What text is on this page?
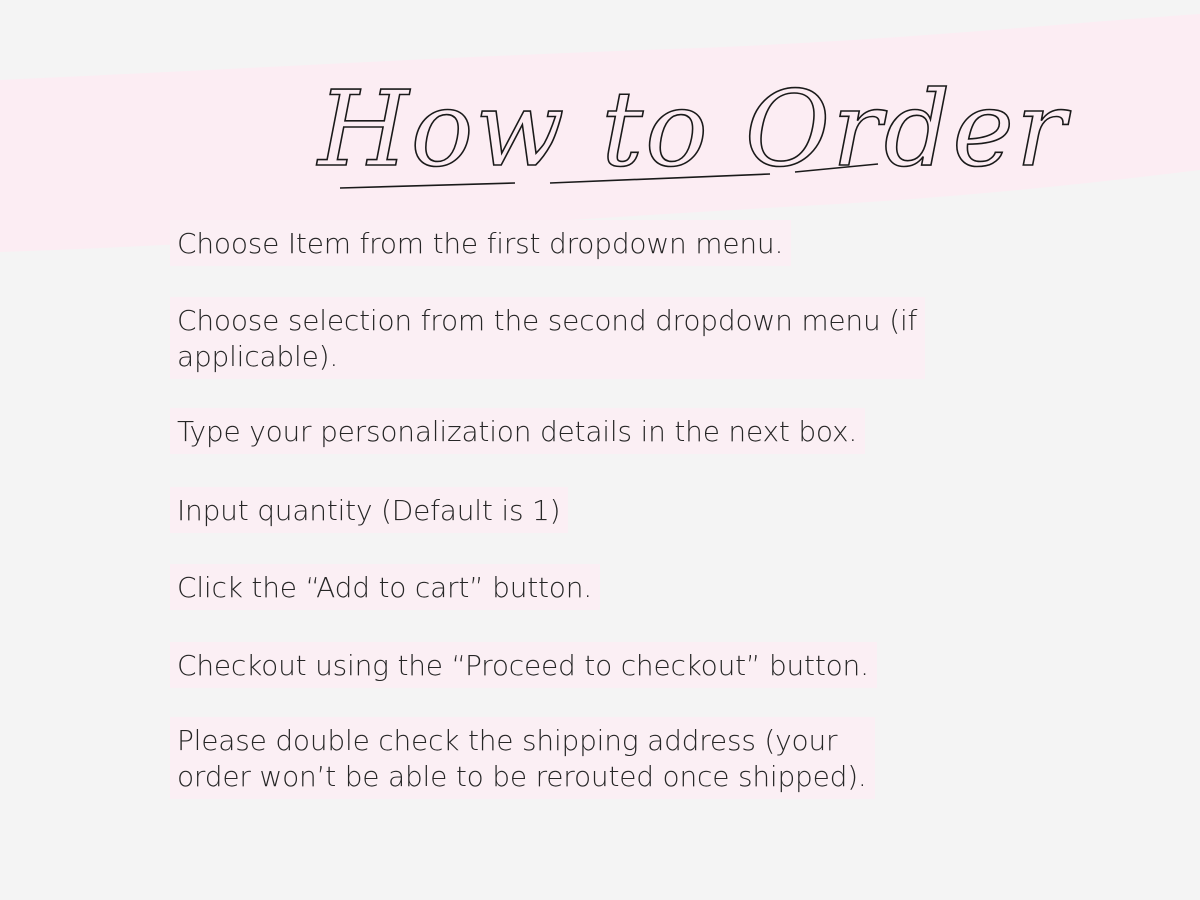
How to Order
Choose Item from the first dropdown menu.
Choose selection from the second dropdown menu (if
applicable).
Type your personalization details in the next box.
Input quantity (Default is 1)
Click the “Add to cart” button.
Checkout using the “Proceed to checkout” button.
Please double check the shipping address (your
order won’t be able to be rerouted once shipped).
